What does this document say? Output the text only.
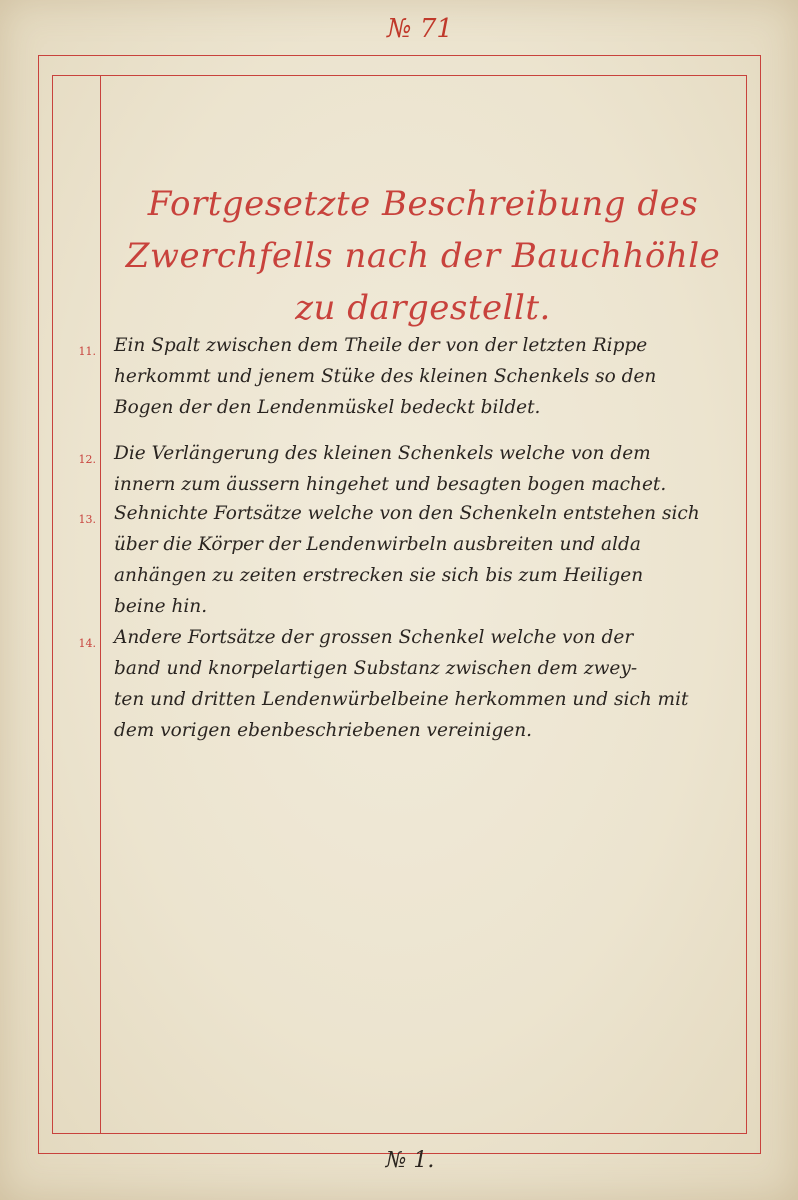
№ 71
Fortgesetzte Beschreibung des Zwerchfells nach der Bauchhöhle zu dargestellt.
11. Ein Spalt zwischen dem Theile der von der letzten Rippe
herkommt und jenem Stüke des kleinen Schenkels so den
Bogen der den Lendenmüskel bedeckt bildet.
12. Die Verlängerung des kleinen Schenkels welche von dem
innern zum äussern hingehet und besagten bogen machet.
13. Sehnichte Fortsätze welche von den Schenkeln entstehen sich
über die Körper der Lendenwirbeln ausbreiten und alda
anhängen zu zeiten erstrecken sie sich bis zum Heiligen
beine hin.
14. Andere Fortsätze der grossen Schenkel welche von der
band und knorpelartigen Substanz zwischen dem zwey-
ten und dritten Lendenwürbelbeine herkommen und sich mit
dem vorigen ebenbeschriebenen vereinigen.
№ 1.
